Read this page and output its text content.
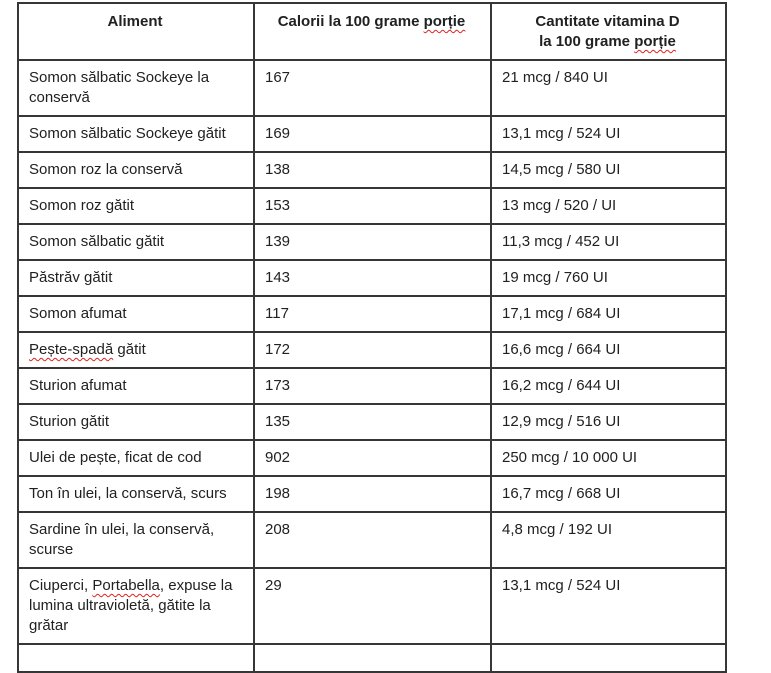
Aliment	Calorii la 100 grame porție	Cantitate vitamina D
la 100 grame porție
Somon sălbatic Sockeye la conservă	167	21 mcg / 840 UI
Somon sălbatic Sockeye gătit	169	13,1 mcg / 524 UI
Somon roz la conservă	138	14,5 mcg / 580 UI
Somon roz gătit	153	13 mcg / 520 / UI
Somon sălbatic gătit	139	11,3 mcg / 452 UI
Păstrăv gătit	143	19 mcg / 760 UI
Somon afumat	117	17,1 mcg / 684 UI
Pește-spadă gătit	172	16,6 mcg / 664 UI
Sturion afumat	173	16,2 mcg / 644 UI
Sturion gătit	135	12,9 mcg / 516 UI
Ulei de pește, ficat de cod	902	250 mcg / 10 000 UI
Ton în ulei, la conservă, scurs	198	16,7 mcg / 668 UI
Sardine în ulei, la conservă, scurse	208	4,8 mcg / 192 UI
Ciuperci, Portabella, expuse la lumina ultravioletă, gătite la grătar	29	13,1 mcg / 524 UI
